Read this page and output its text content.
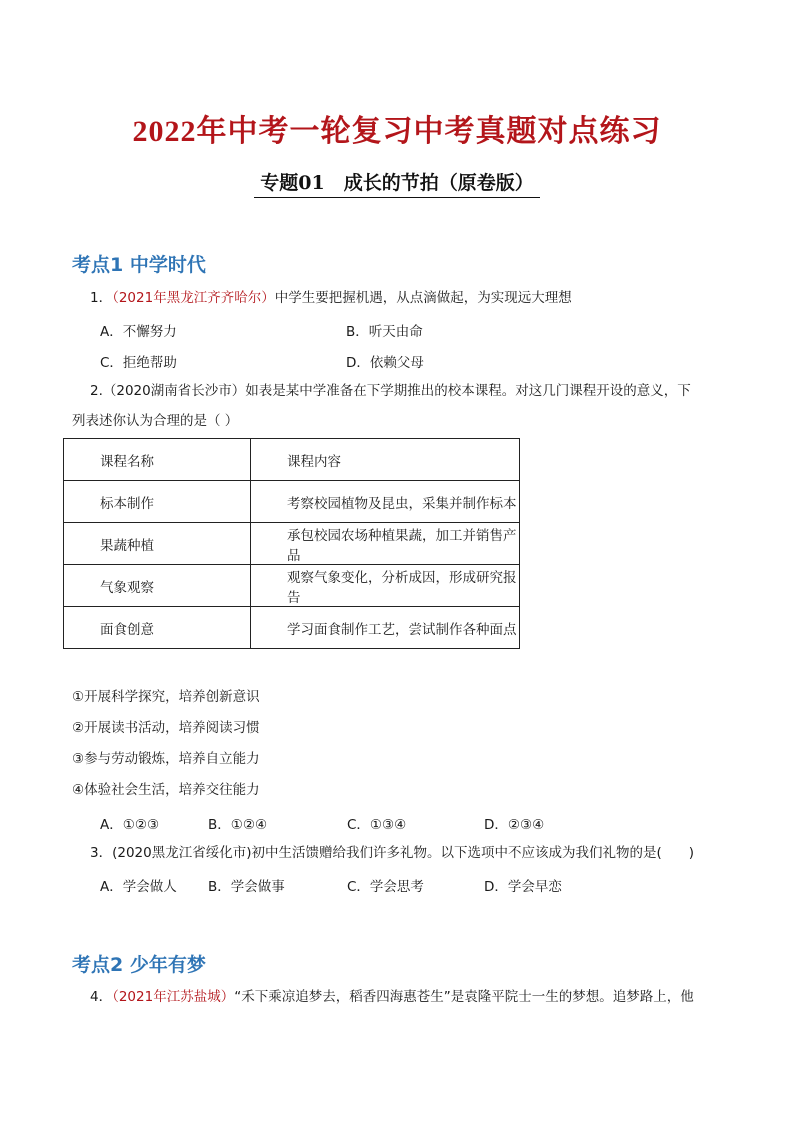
2022年中考一轮复习中考真题对点练习
专题01　成长的节拍（原卷版）
考点1 中学时代
1．（2021年黑龙江齐齐哈尔）中学生要把握机遇，从点滴做起，为实现远大理想
A．不懈努力	B．听天由命
C．拒绝帮助	D．依赖父母
2.（2020湖南省长沙市）如表是某中学准备在下学期推出的校本课程。对这几门课程开设的意义，下
列表述你认为合理的是（ ）
课程名称	课程内容
标本制作	考察校园植物及昆虫，采集并制作标本
果蔬种植	承包校园农场种植果蔬，加工并销售产品
气象观察	观察气象变化，分析成因，形成研究报告
面食创意	学习面食制作工艺，尝试制作各种面点
①开展科学探究，培养创新意识
②开展读书活动，培养阅读习惯
③参与劳动锻炼，培养自立能力
④体验社会生活，培养交往能力
A．①②③	B．①②④	C．①③④	D．②③④
3．(2020黑龙江省绥化市)初中生活馈赠给我们许多礼物。以下选项中不应该成为我们礼物的是(　　)
A．学会做人 B．学会做事	C．学会思考	D．学会早恋
考点2 少年有梦
4．（2021年江苏盐城）“禾下乘凉追梦去，稻香四海惠苍生”是袁隆平院士一生的梦想。追梦路上，他
